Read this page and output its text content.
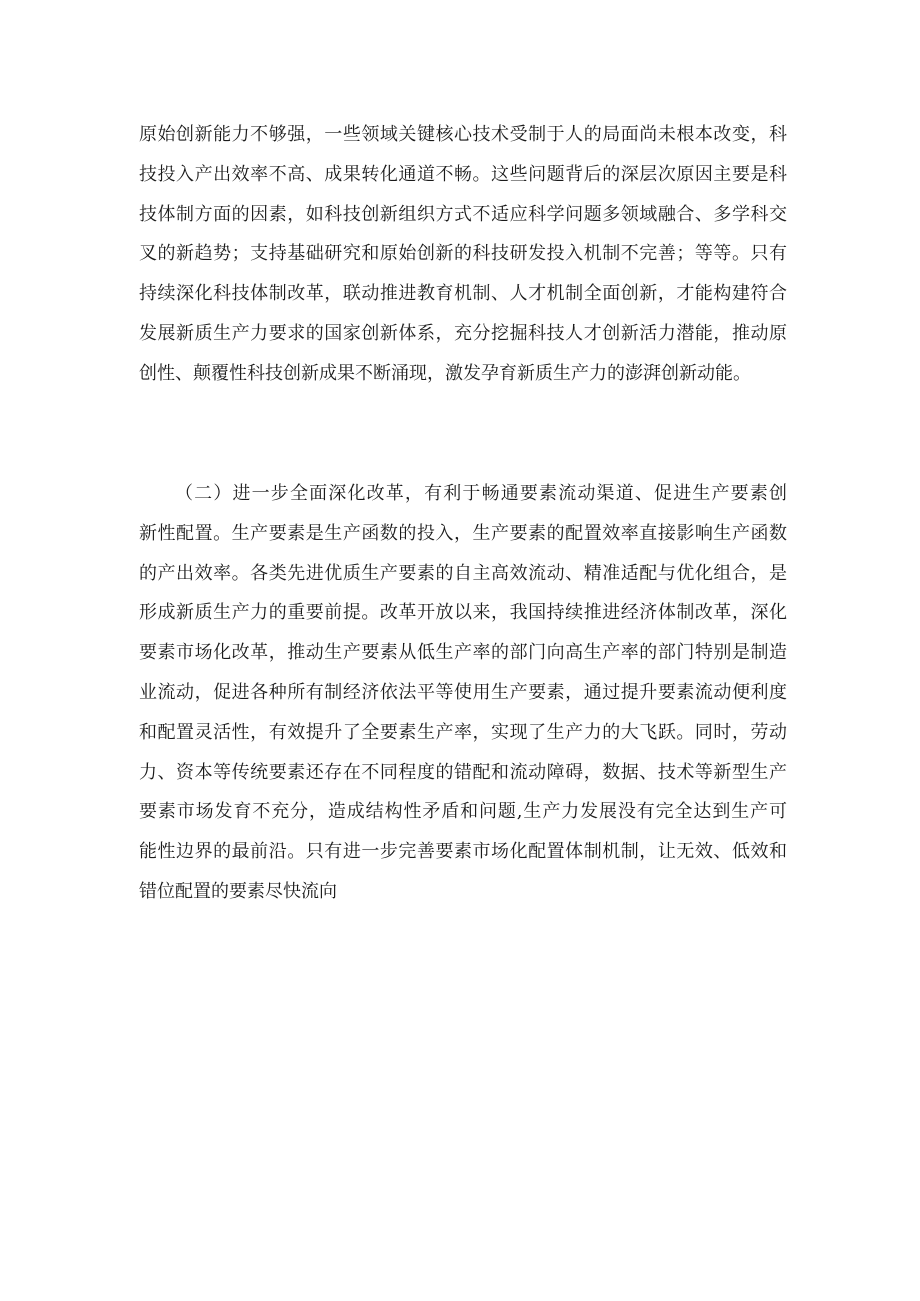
原始创新能力不够强，一些领域关键核心技术受制于人的局面尚未根本改变，科
技投入产出效率不高、成果转化通道不畅。这些问题背后的深层次原因主要是科
技体制方面的因素，如科技创新组织方式不适应科学问题多领域融合、多学科交
叉的新趋势；支持基础研究和原始创新的科技研发投入机制不完善；等等。只有
持续深化科技体制改革，联动推进教育机制、人才机制全面创新，才能构建符合
发展新质生产力要求的国家创新体系，充分挖掘科技人才创新活力潜能，推动原
创性、颠覆性科技创新成果不断涌现，激发孕育新质生产力的澎湃创新动能。
（二）进一步全面深化改革，有利于畅通要素流动渠道、促进生产要素创
新性配置。生产要素是生产函数的投入，生产要素的配置效率直接影响生产函数
的产出效率。各类先进优质生产要素的自主高效流动、精准适配与优化组合，是
形成新质生产力的重要前提。改革开放以来，我国持续推进经济体制改革，深化
要素市场化改革，推动生产要素从低生产率的部门向高生产率的部门特别是制造
业流动，促进各种所有制经济依法平等使用生产要素，通过提升要素流动便利度
和配置灵活性，有效提升了全要素生产率，实现了生产力的大飞跃。同时，劳动
力、资本等传统要素还存在不同程度的错配和流动障碍，数据、技术等新型生产
要素市场发育不充分，造成结构性矛盾和问题,生产力发展没有完全达到生产可
能性边界的最前沿。只有进一步完善要素市场化配置体制机制，让无效、低效和
错位配置的要素尽快流向
